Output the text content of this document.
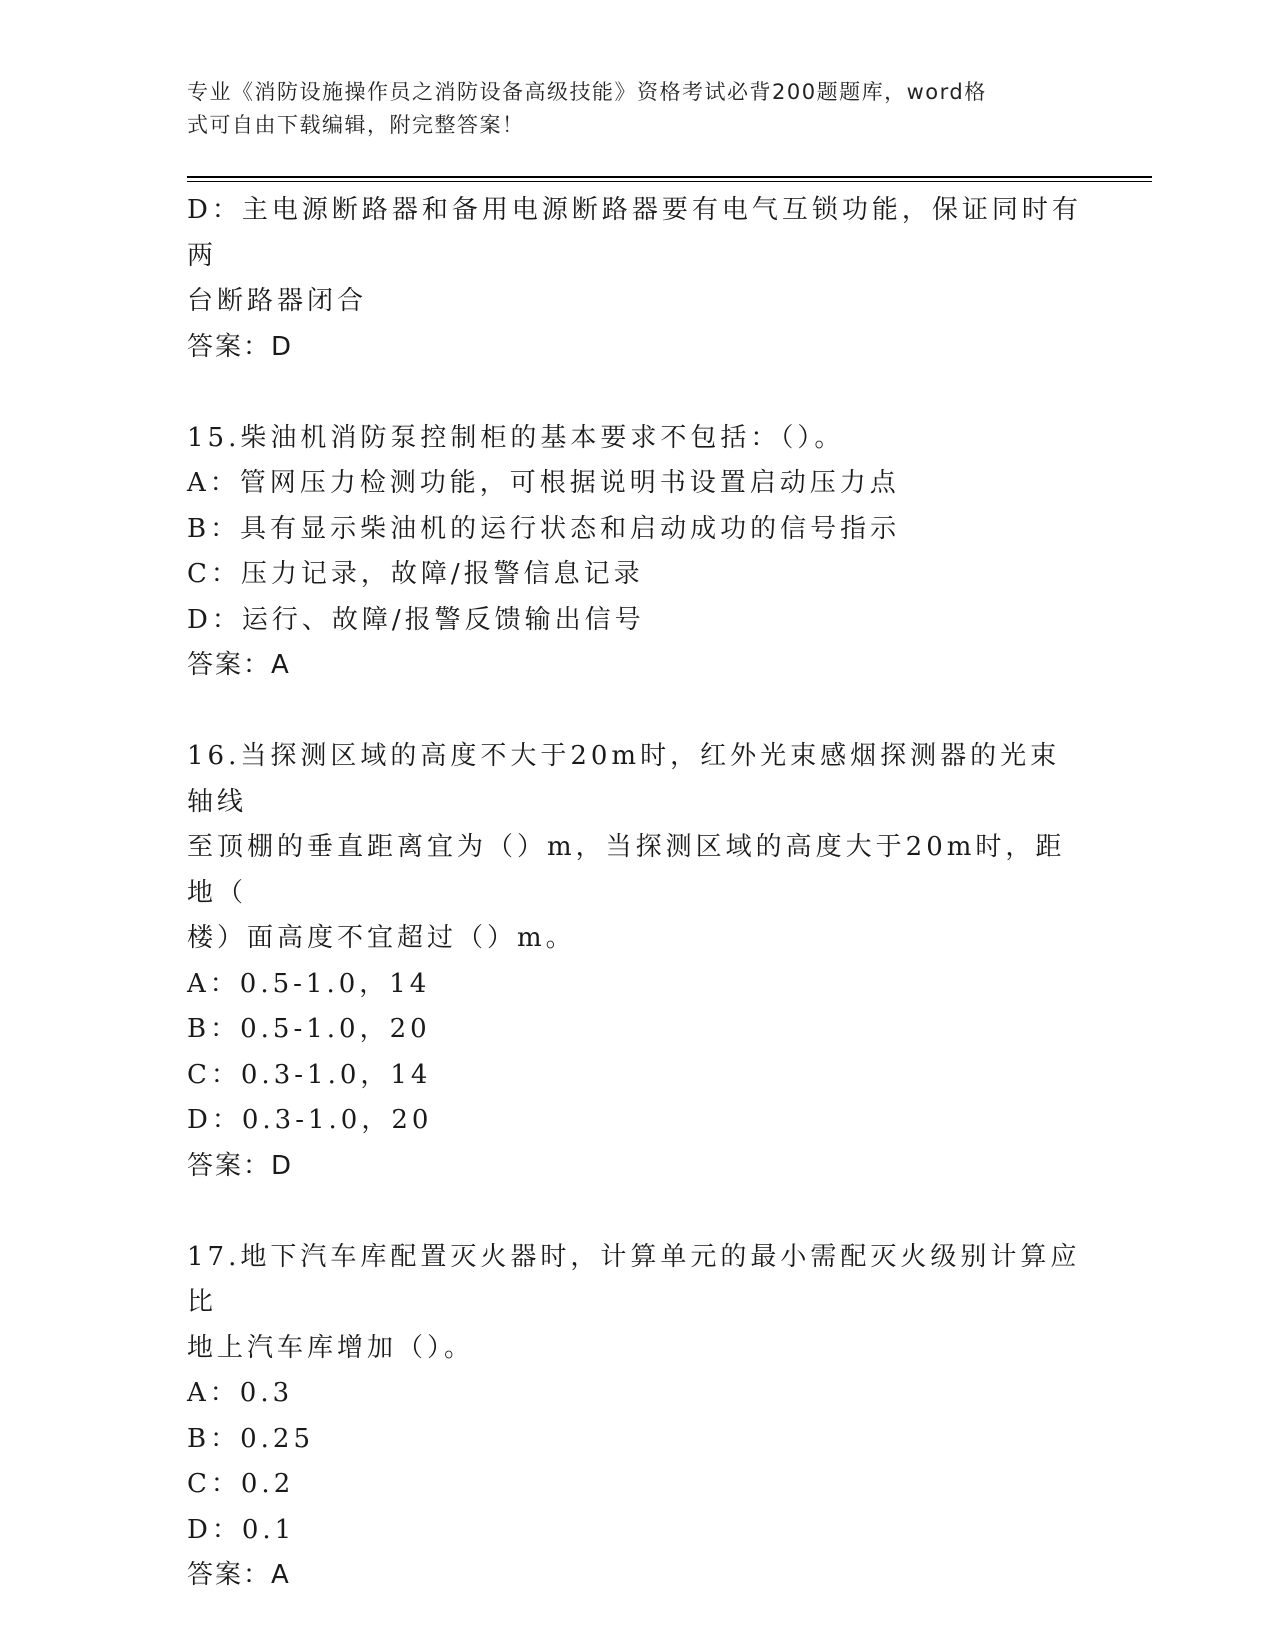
专业《消防设施操作员之消防设备高级技能》资格考试必背200题题库，word格
式可自由下载编辑，附完整答案！

D：主电源断路器和备用电源断路器要有电气互锁功能，保证同时有两

台断路器闭合

答案：D

15.柴油机消防泵控制柜的基本要求不包括：（）。

A：管网压力检测功能，可根据说明书设置启动压力点

B：具有显示柴油机的运行状态和启动成功的信号指示

C：压力记录，故障/报警信息记录

D：运行、故障/报警反馈输出信号

答案：A

16.当探测区域的高度不大于20m时，红外光束感烟探测器的光束轴线

至顶棚的垂直距离宜为（）m，当探测区域的高度大于20m时，距地（

楼）面高度不宜超过（）m。

A：0.5-1.0，14

B：0.5-1.0，20

C：0.3-1.0，14

D：0.3-1.0，20

答案：D

17.地下汽车库配置灭火器时，计算单元的最小需配灭火级别计算应比

地上汽车库增加（）。

A：0.3

B：0.25

C：0.2

D：0.1

答案：A
